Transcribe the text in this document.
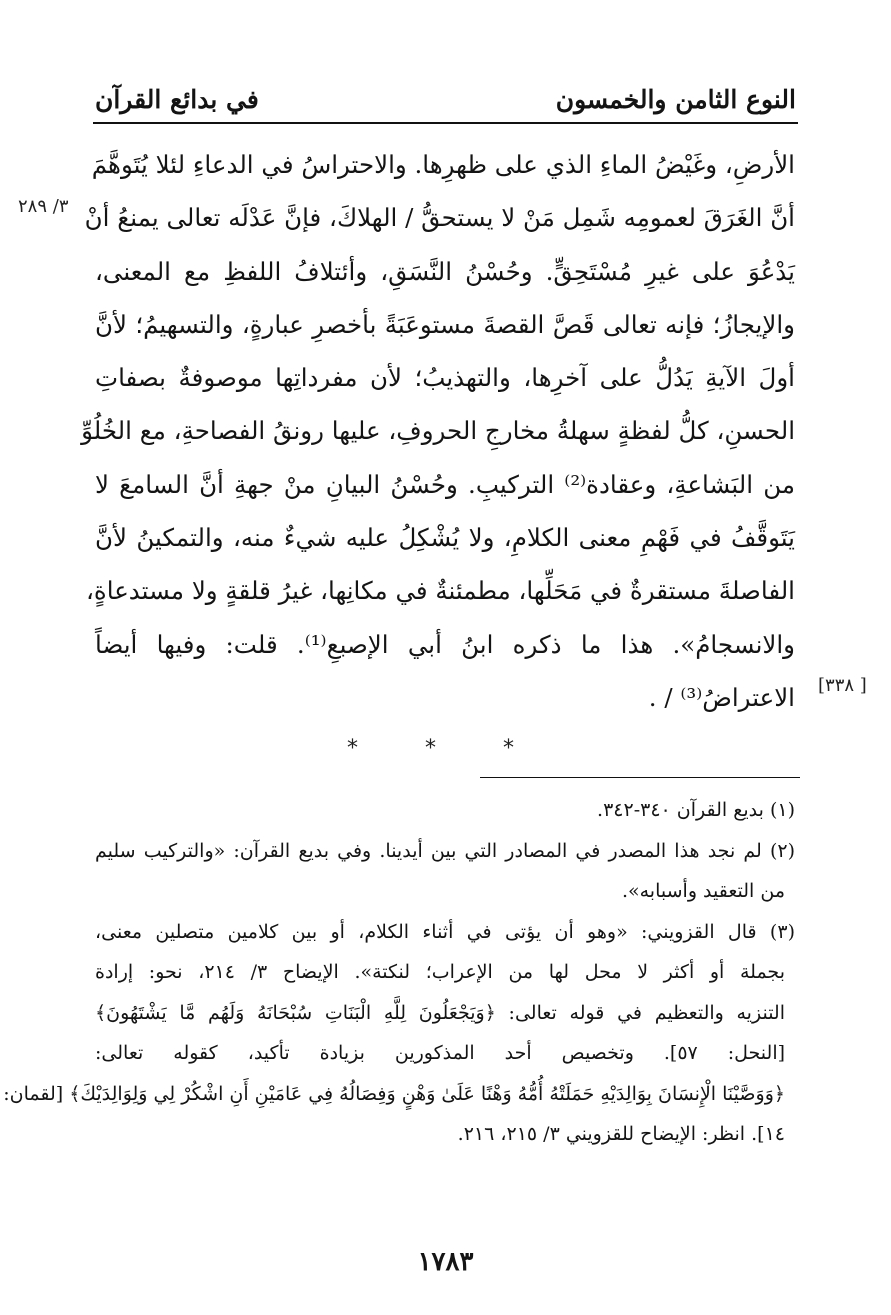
النوع الثامن والخمسون
في بدائع القرآن
الأرضِ، وغَيْضُ الماءِ الذي على ظهرِها. والاحتراسُ في الدعاءِ لئلا يُتَوهَّمَ
أنَّ الغَرَقَ لعمومِه شَمِل مَنْ لا يستحقُّ / الهلاكَ، فإنَّ عَدْلَه تعالى يمنعُ أنْ
يَدْعُوَ على غيرِ مُسْتَحِقٍّ. وحُسْنُ النَّسَقِ، وأئتلافُ اللفظِ مع المعنى،
والإيجازُ؛ فإنه تعالى قَصَّ القصةَ مستوعَبَةً بأخصرِ عبارةٍ، والتسهيمُ؛ لأنَّ
أولَ الآيةِ يَدُلُّ على آخرِها، والتهذيبُ؛ لأن مفرداتِها موصوفةٌ بصفاتِ
الحسنِ، كلُّ لفظةٍ سهلةُ مخارجِ الحروفِ، عليها رونقُ الفصاحةِ، مع الخُلُوِّ
من البَشاعةِ، وعقادة⁽²⁾ التركيبِ. وحُسْنُ البيانِ منْ جهةِ أنَّ السامعَ لا
يَتَوقَّفُ في فَهْمِ معنى الكلامِ، ولا يُشْكِلُ عليه شيءٌ منه، والتمكينُ لأنَّ
الفاصلةَ مستقرةٌ في مَحَلِّها، مطمئنةٌ في مكانِها، غيرُ قلقةٍ ولا مستدعاةٍ،
والانسجامُ». هذا ما ذكره ابنُ أبي الإصبعِ⁽¹⁾. قلت: وفيها أيضاً
الاعتراضُ⁽³⁾ / .
٣/ ٢٨٩
[٣٣٨ ]
* * *
(١) بديع القرآن ٣٤٠-٣٤٢.
(٢) لم نجد هذا المصدر في المصادر التي بين أيدينا. وفي بديع القرآن: «والتركيب سليم
من التعقيد وأسبابه».
(٣) قال القزويني: «وهو أن يؤتى في أثناء الكلام، أو بين كلامين متصلين معنى،
بجملة أو أكثر لا محل لها من الإعراب؛ لنكتة». الإيضاح ٣/ ٢١٤، نحو: إرادة
التنزيه والتعظيم في قوله تعالى: ﴿وَيَجْعَلُونَ لِلَّهِ الْبَنَاتِ سُبْحَانَهُ وَلَهُم مَّا يَشْتَهُونَ﴾
[النحل: ٥٧]. وتخصيص أحد المذكورين بزيادة تأكيد، كقوله تعالى:
﴿وَوَصَّيْنَا الْإِنسَانَ بِوَالِدَيْهِ حَمَلَتْهُ أُمُّهُ وَهْنًا عَلَىٰ وَهْنٍ وَفِصَالُهُ فِي عَامَيْنِ أَنِ اشْكُرْ لِي وَلِوَالِدَيْكَ﴾ [لقمان:
١٤]. انظر: الإيضاح للقزويني ٣/ ٢١٥، ٢١٦.
١٧٨٣
